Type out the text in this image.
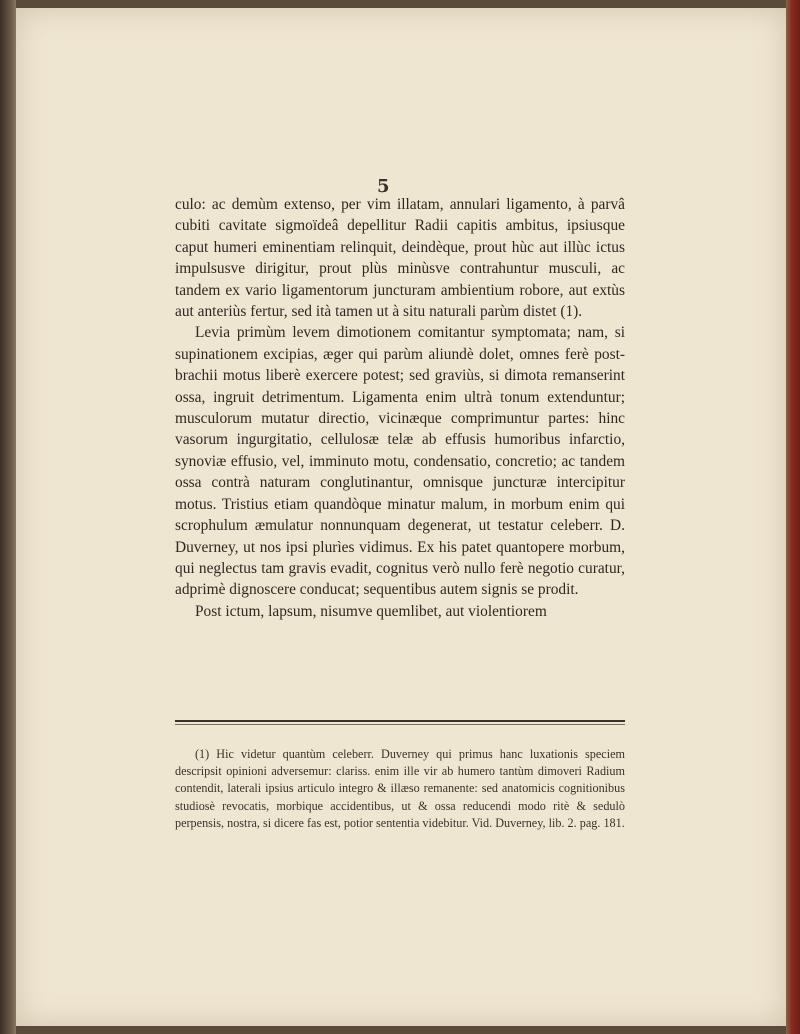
5

culo: ac demùm extenso, per vim illatam, annulari ligamento, à parvâ cubiti cavitate sigmoïdeâ depellitur Radii capitis ambitus, ipsiusque caput humeri eminentiam relinquit, deindèque, prout hùc aut illùc ictus impulsusve dirigitur, prout plùs minùsve contrahuntur musculi, ac tandem ex vario ligamentorum juncturam ambientium robore, aut extùs aut anteriùs fertur, sed ità tamen ut à situ naturali parùm distet (1).

Levia primùm levem dimotionem comitantur symptomata; nam, si supinationem excipias, æger qui parùm aliundè dolet, omnes ferè post-brachii motus liberè exercere potest; sed graviùs, si dimota remanserint ossa, ingruit detrimentum. Ligamenta enim ultrà tonum extenduntur; musculorum mutatur directio, vicinæque comprimuntur partes: hinc vasorum ingurgitatio, cellulosæ telæ ab effusis humoribus infarctio, synoviæ effusio, vel, imminuto motu, condensatio, concretio; ac tandem ossa contrà naturam conglutinantur, omnisque juncturæ intercipitur motus. Tristius etiam quandòque minatur malum, in morbum enim qui scrophulum æmulatur nonnunquam degenerat, ut testatur celeberr. D. Duverney, ut nos ipsi plurìes vidimus. Ex his patet quantopere morbum, qui neglectus tam gravis evadit, cognitus verò nullo ferè negotio curatur, adprimè dignoscere conducat; sequentibus autem signis se prodit.

Post ictum, lapsum, nisumve quemlibet, aut violentiorem

(1) Hic videtur quantùm celeberr. Duverney qui primus hanc luxationis speciem descripsit opinioni adversemur: clariss. enim ille vir ab humero tantùm dimoveri Radium contendit, laterali ipsius articulo integro & illæso remanente: sed anatomicis cognitionibus studiosè revocatis, morbique accidentibus, ut & ossa reducendi modo ritè & sedulò perpensis, nostra, si dicere fas est, potior sententia videbitur. Vid. Duverney, lib. 2. pag. 181.
